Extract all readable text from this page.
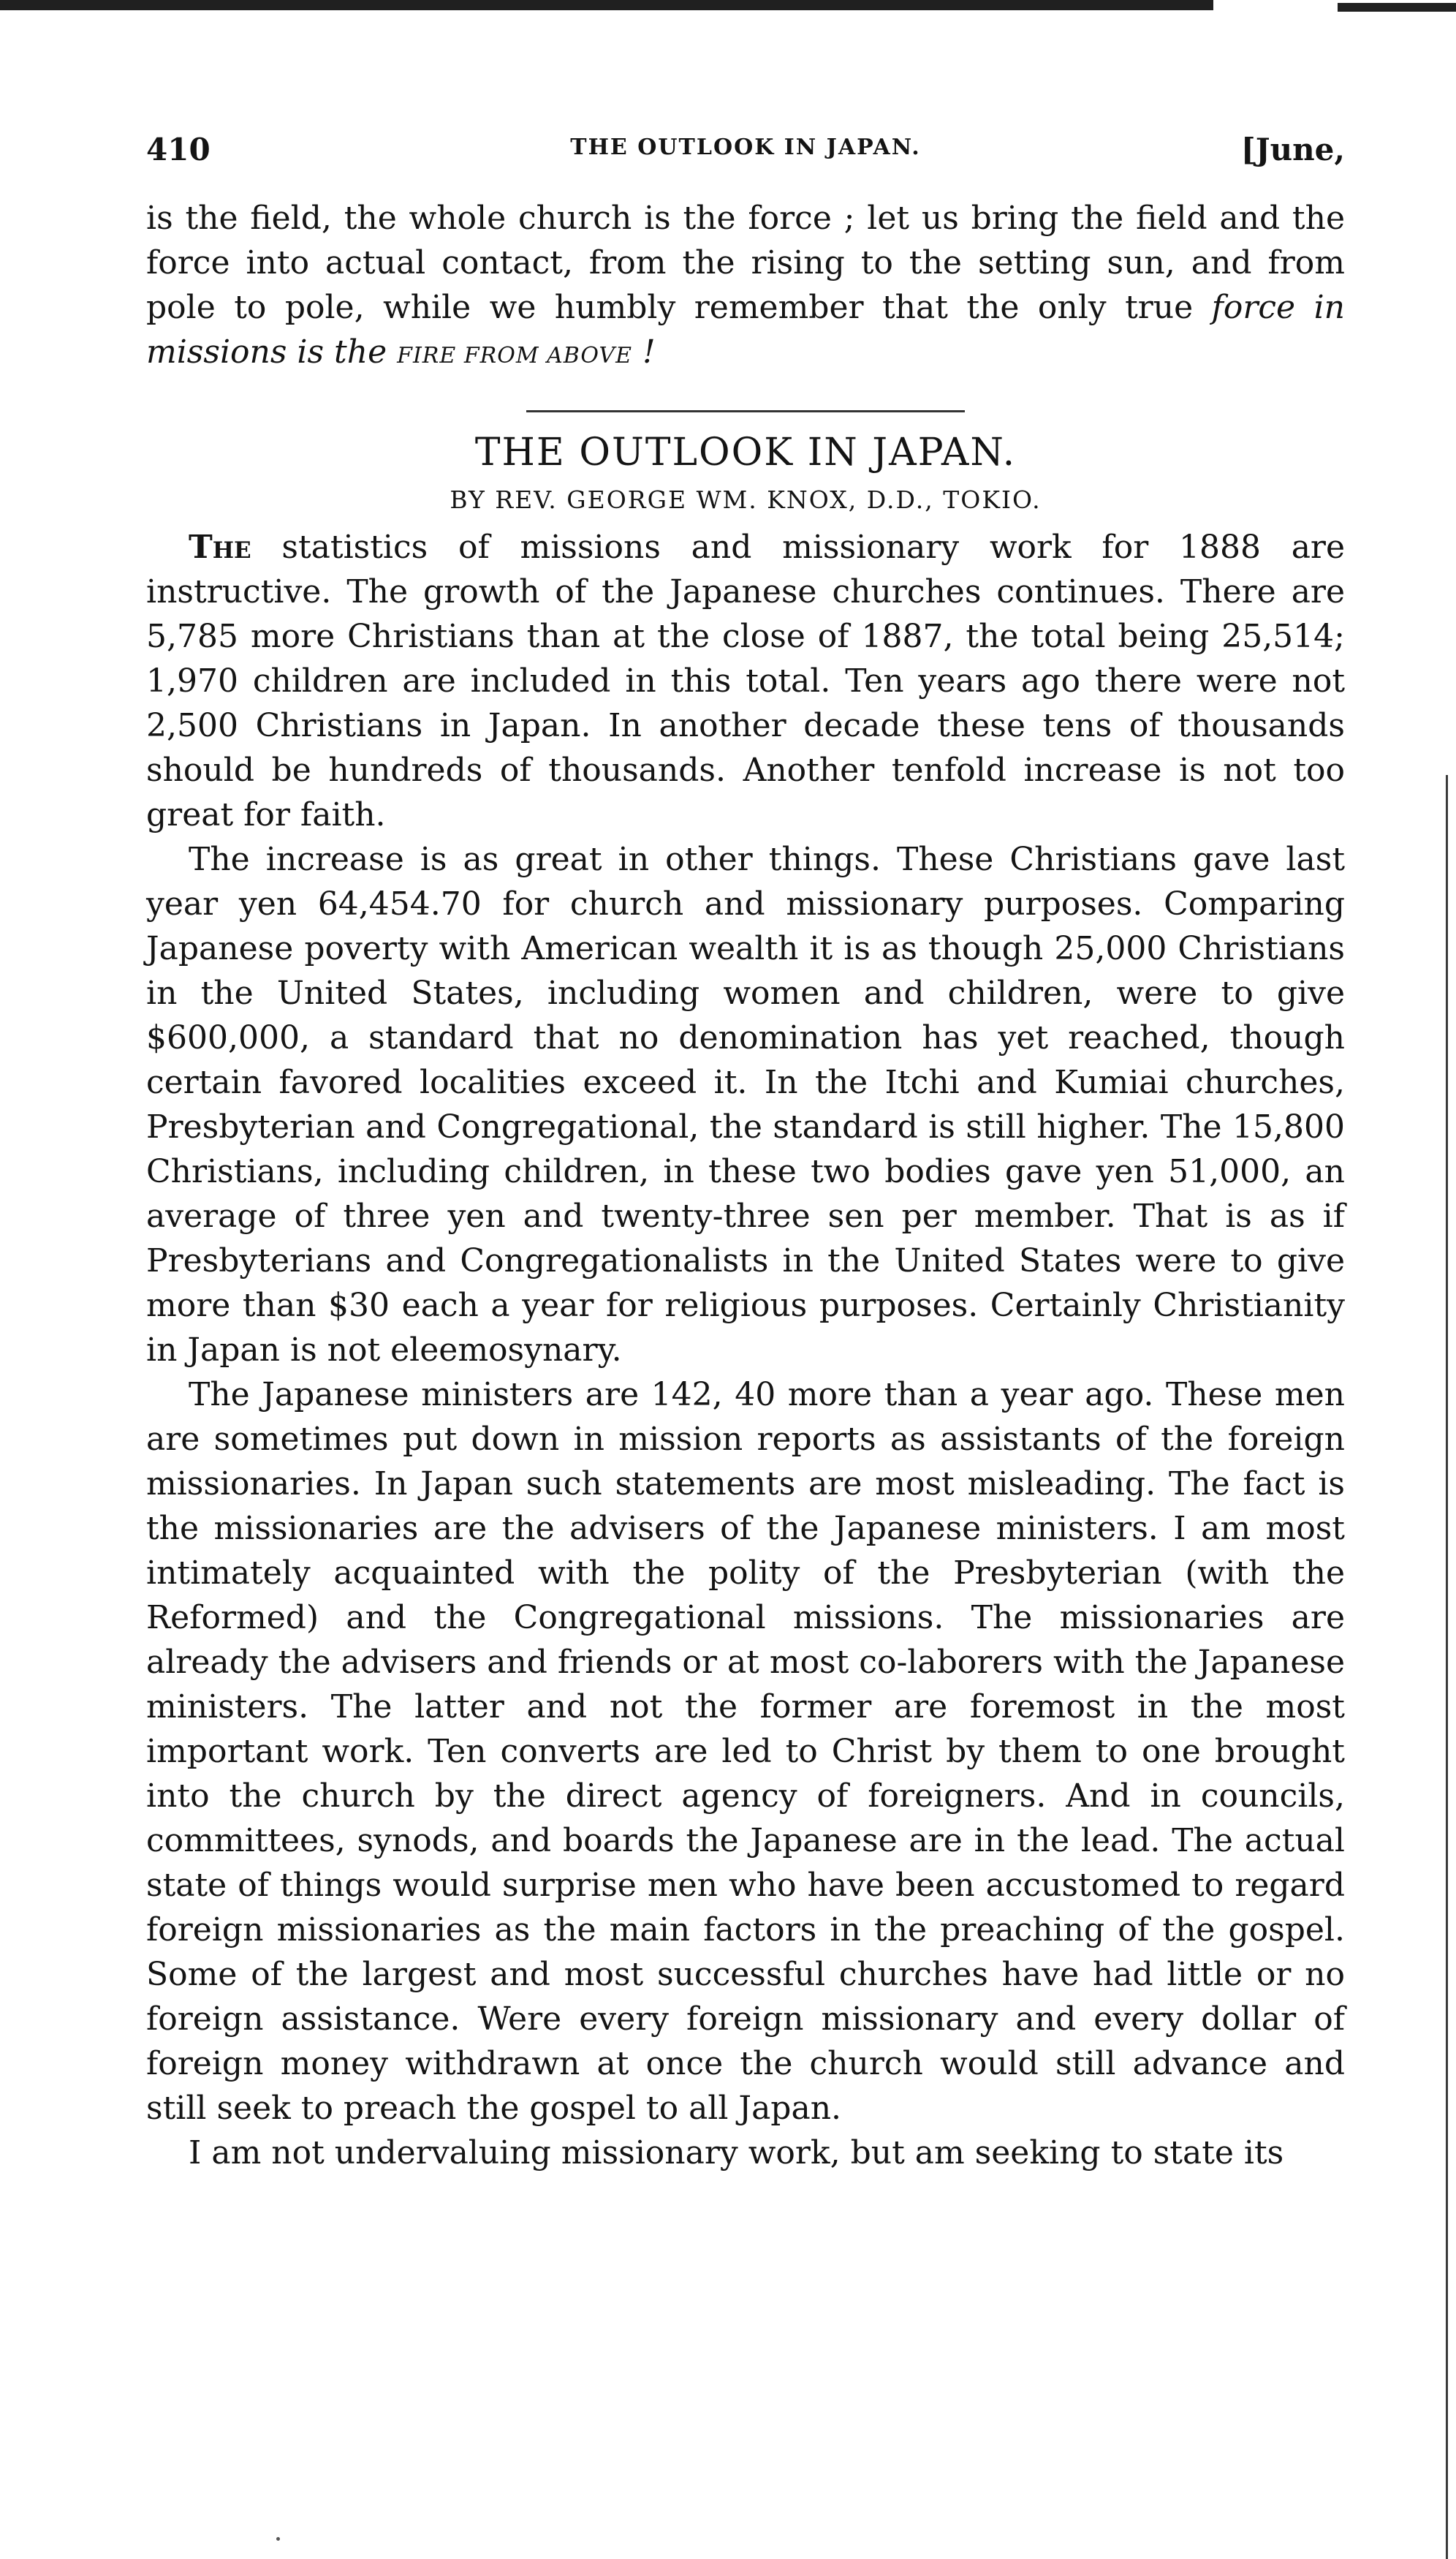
410	THE OUTLOOK IN JAPAN.	[June,

is the field, the whole church is the force ; let us bring the field and the force into actual contact, from the rising to the setting sun, and from pole to pole, while we humbly remember that the only true force in missions is the FIRE FROM ABOVE !

THE OUTLOOK IN JAPAN.
BY REV. GEORGE WM. KNOX, D.D., TOKIO.

The statistics of missions and missionary work for 1888 are instructive. The growth of the Japanese churches continues. There are 5,785 more Christians than at the close of 1887, the total being 25,514; 1,970 children are included in this total. Ten years ago there were not 2,500 Christians in Japan. In another decade these tens of thousands should be hundreds of thousands. Another tenfold increase is not too great for faith.

The increase is as great in other things. These Christians gave last year yen 64,454.70 for church and missionary purposes. Comparing Japanese poverty with American wealth it is as though 25,000 Christians in the United States, including women and children, were to give $600,000, a standard that no denomination has yet reached, though certain favored localities exceed it. In the Itchi and Kumiai churches, Presbyterian and Congregational, the standard is still higher. The 15,800 Christians, including children, in these two bodies gave yen 51,000, an average of three yen and twenty-three sen per member. That is as if Presbyterians and Congregationalists in the United States were to give more than $30 each a year for religious purposes. Certainly Christianity in Japan is not eleemosynary.

The Japanese ministers are 142, 40 more than a year ago. These men are sometimes put down in mission reports as assistants of the foreign missionaries. In Japan such statements are most misleading. The fact is the missionaries are the advisers of the Japanese ministers. I am most intimately acquainted with the polity of the Presbyterian (with the Reformed) and the Congregational missions. The missionaries are already the advisers and friends or at most co-laborers with the Japanese ministers. The latter and not the former are foremost in the most important work. Ten converts are led to Christ by them to one brought into the church by the direct agency of foreigners. And in councils, committees, synods, and boards the Japanese are in the lead. The actual state of things would surprise men who have been accustomed to regard foreign missionaries as the main factors in the preaching of the gospel. Some of the largest and most successful churches have had little or no foreign assistance. Were every foreign missionary and every dollar of foreign money withdrawn at once the church would still advance and still seek to preach the gospel to all Japan.

I am not undervaluing missionary work, but am seeking to state its
